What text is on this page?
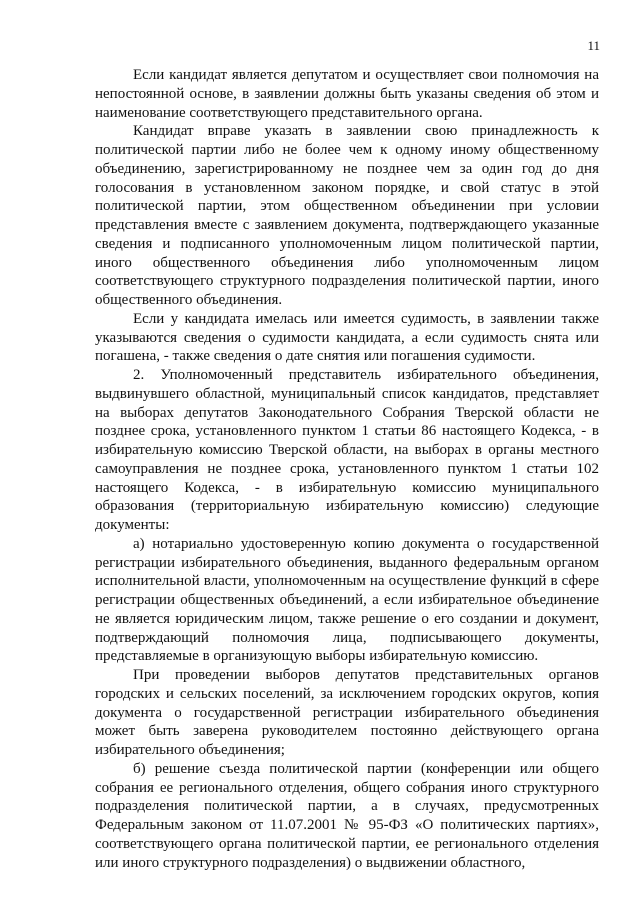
11

Если кандидат является депутатом и осуществляет свои полномочия на непостоянной основе, в заявлении должны быть указаны сведения об этом и наименование соответствующего представительного органа.

Кандидат вправе указать в заявлении свою принадлежность к политической партии либо не более чем к одному иному общественному объединению, зарегистрированному не позднее чем за один год до дня голосования в установленном законом порядке, и свой статус в этой политической партии, этом общественном объединении при условии представления вместе с заявлением документа, подтверждающего указанные сведения и подписанного уполномоченным лицом политической партии, иного общественного объединения либо уполномоченным лицом соответствующего структурного подразделения политической партии, иного общественного объединения.

Если у кандидата имелась или имеется судимость, в заявлении также указываются сведения о судимости кандидата, а если судимость снята или погашена, - также сведения о дате снятия или погашения судимости.

2. Уполномоченный представитель избирательного объединения, выдвинувшего областной, муниципальный список кандидатов, представляет на выборах депутатов Законодательного Собрания Тверской области не позднее срока, установленного пунктом 1 статьи 86 настоящего Кодекса, - в избирательную комиссию Тверской области, на выборах в органы местного самоуправления не позднее срока, установленного пунктом 1 статьи 102 настоящего Кодекса, - в избирательную комиссию муниципального образования (территориальную избирательную комиссию) следующие документы:

а) нотариально удостоверенную копию документа о государственной регистрации избирательного объединения, выданного федеральным органом исполнительной власти, уполномоченным на осуществление функций в сфере регистрации общественных объединений, а если избирательное объединение не является юридическим лицом, также решение о его создании и документ, подтверждающий полномочия лица, подписывающего документы, представляемые в организующую выборы избирательную комиссию.

При проведении выборов депутатов представительных органов городских и сельских поселений, за исключением городских округов, копия документа о государственной регистрации избирательного объединения может быть заверена руководителем постоянно действующего органа избирательного объединения;

б) решение съезда политической партии (конференции или общего собрания ее регионального отделения, общего собрания иного структурного подразделения политической партии, а в случаях, предусмотренных Федеральным законом от 11.07.2001 № 95-ФЗ «О политических партиях», соответствующего органа политической партии, ее регионального отделения или иного структурного подразделения) о выдвижении областного,
